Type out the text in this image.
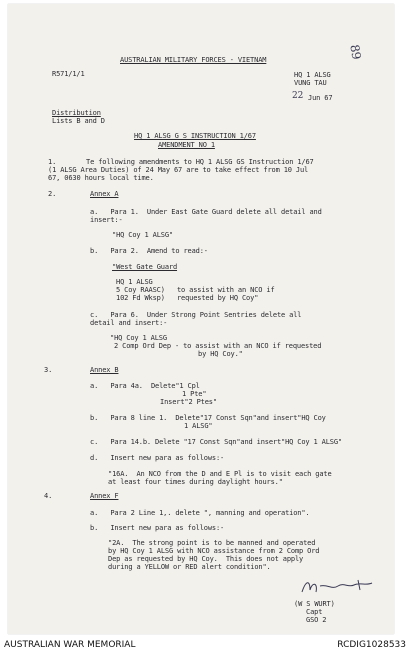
AUSTRALIAN MILITARY FORCES - VIETNAM	89
R571/1/1	HQ 1 ALSG
VUNG TAU
22 Jun 67
Distribution
Lists B and D
HQ 1 ALSG G S INSTRUCTION 1/67
AMENDMENT NO 1
1.	Te following amendments to HQ 1 ALSG GS Instruction 1/67
(1 ALSG Area Duties) of 24 May 67 are to take effect from 10 Jul
67, 0630 hours local time.
2.	Annex A
a.   Para 1.  Under East Gate Guard delete all detail and
insert:-
"HQ Coy 1 ALSG"
b.   Para 2.  Amend to read:-
"West Gate Guard
HQ 1 ALSG
5 Coy RAASC)   to assist with an NCO if
102 Fd Wksp)   requested by HQ Coy"
c.   Para 6.  Under Strong Point Sentries delete all
detail and insert:-
"HQ Coy 1 ALSG
2 Comp Ord Dep - to assist with an NCO if requested
by HQ Coy."
3.	Annex B
a.   Para 4a.  Delete"1 Cpl
1 Pte"
Insert"2 Ptes"
b.   Para 8 line 1.  Delete"17 Const Sqn"and insert"HQ Coy
1 ALSG"
c.   Para 14.b. Delete "17 Const Sqn"and insert"HQ Coy 1 ALSG"
d.   Insert new para as follows:-
"16A.  An NCO from the D and E Pl is to visit each gate
at least four times during daylight hours."
4.	Annex F
a.   Para 2 Line 1,. delete ", manning and operation".
b.   Insert new para as follows:-
"2A.  The strong point is to be manned and operated
by HQ Coy 1 ALSG with NCO assistance from 2 Comp Ord
Dep as requested by HQ Coy.  This does not apply
during a YELLOW or RED alert condition".
(W S WURT)
Capt
GSO 2
AUSTRALIAN WAR MEMORIAL	RCDIG1028533
